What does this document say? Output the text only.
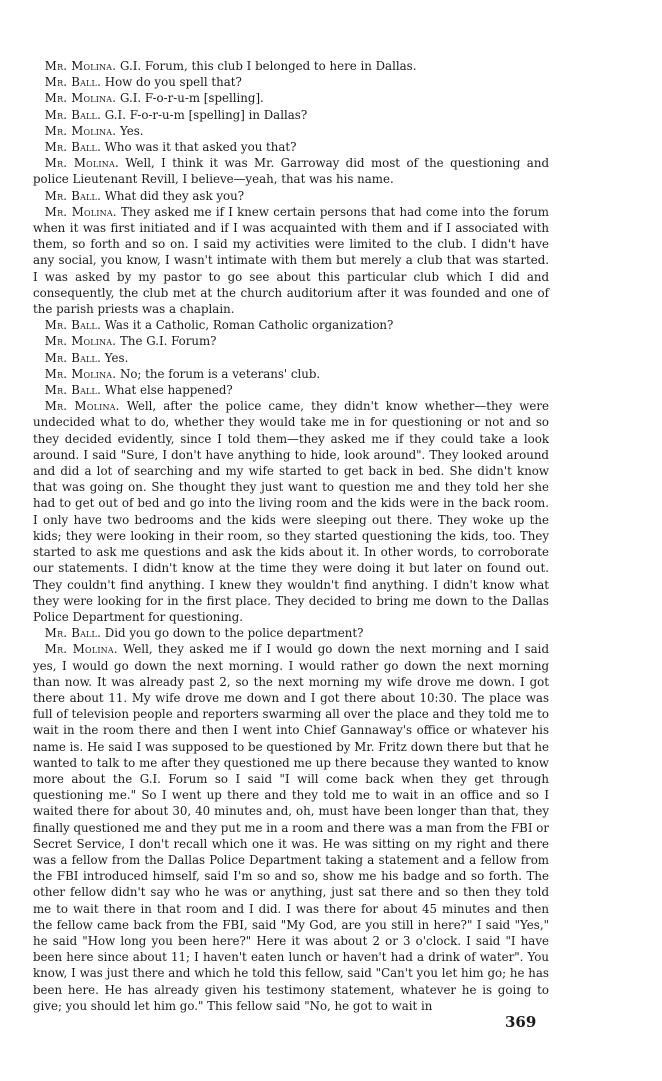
 Mr. Molina. G.I. Forum, this club I belonged to here in Dallas.

 Mr. Ball. How do you spell that?

 Mr. Molina. G.I. F-o-r-u-m [spelling].

 Mr. Ball. G.I. F-o-r-u-m [spelling] in Dallas?

 Mr. Molina. Yes.

 Mr. Ball. Who was it that asked you that?

 Mr. Molina. Well, I think it was Mr. Garroway did most of the questioning and police Lieutenant Revill, I believe—yeah, that was his name.

 Mr. Ball. What did they ask you?

 Mr. Molina. They asked me if I knew certain persons that had come into the forum when it was first initiated and if I was acquainted with them and if I associated with them, so forth and so on. I said my activities were limited to the club. I didn't have any social, you know, I wasn't intimate with them but merely a club that was started. I was asked by my pastor to go see about this particular club which I did and consequently, the club met at the church auditorium after it was founded and one of the parish priests was a chaplain.

 Mr. Ball. Was it a Catholic, Roman Catholic organization?

 Mr. Molina. The G.I. Forum?

 Mr. Ball. Yes.

 Mr. Molina. No; the forum is a veterans' club.

 Mr. Ball. What else happened?

 Mr. Molina. Well, after the police came, they didn't know whether—they were undecided what to do, whether they would take me in for questioning or not and so they decided evidently, since I told them—they asked me if they could take a look around. I said "Sure, I don't have anything to hide, look around". They looked around and did a lot of searching and my wife started to get back in bed. She didn't know that was going on. She thought they just want to question me and they told her she had to get out of bed and go into the living room and the kids were in the back room. I only have two bedrooms and the kids were sleeping out there. They woke up the kids; they were looking in their room, so they started questioning the kids, too. They started to ask me questions and ask the kids about it. In other words, to corroborate our statements. I didn't know at the time they were doing it but later on found out. They couldn't find anything. I knew they wouldn't find anything. I didn't know what they were looking for in the first place. They decided to bring me down to the Dallas Police Department for questioning.

 Mr. Ball. Did you go down to the police department?

 Mr. Molina. Well, they asked me if I would go down the next morning and I said yes, I would go down the next morning. I would rather go down the next morning than now. It was already past 2, so the next morning my wife drove me down. I got there about 11. My wife drove me down and I got there about 10:30. The place was full of television people and reporters swarming all over the place and they told me to wait in the room there and then I went into Chief Gannaway's office or whatever his name is. He said I was supposed to be questioned by Mr. Fritz down there but that he wanted to talk to me after they questioned me up there because they wanted to know more about the G.I. Forum so I said "I will come back when they get through questioning me." So I went up there and they told me to wait in an office and so I waited there for about 30, 40 minutes and, oh, must have been longer than that, they finally questioned me and they put me in a room and there was a man from the FBI or Secret Service, I don't recall which one it was. He was sitting on my right and there was a fellow from the Dallas Police Department taking a statement and a fellow from the FBI introduced himself, said I'm so and so, show me his badge and so forth. The other fellow didn't say who he was or anything, just sat there and so then they told me to wait there in that room and I did. I was there for about 45 minutes and then the fellow came back from the FBI, said "My God, are you still in here?" I said "Yes," he said "How long you been here?" Here it was about 2 or 3 o'clock. I said "I have been here since about 11; I haven't eaten lunch or haven't had a drink of water". You know, I was just there and which he told this fellow, said "Can't you let him go; he has been here. He has already given his testimony statement, whatever he is going to give; you should let him go." This fellow said "No, he got to wait in

369
